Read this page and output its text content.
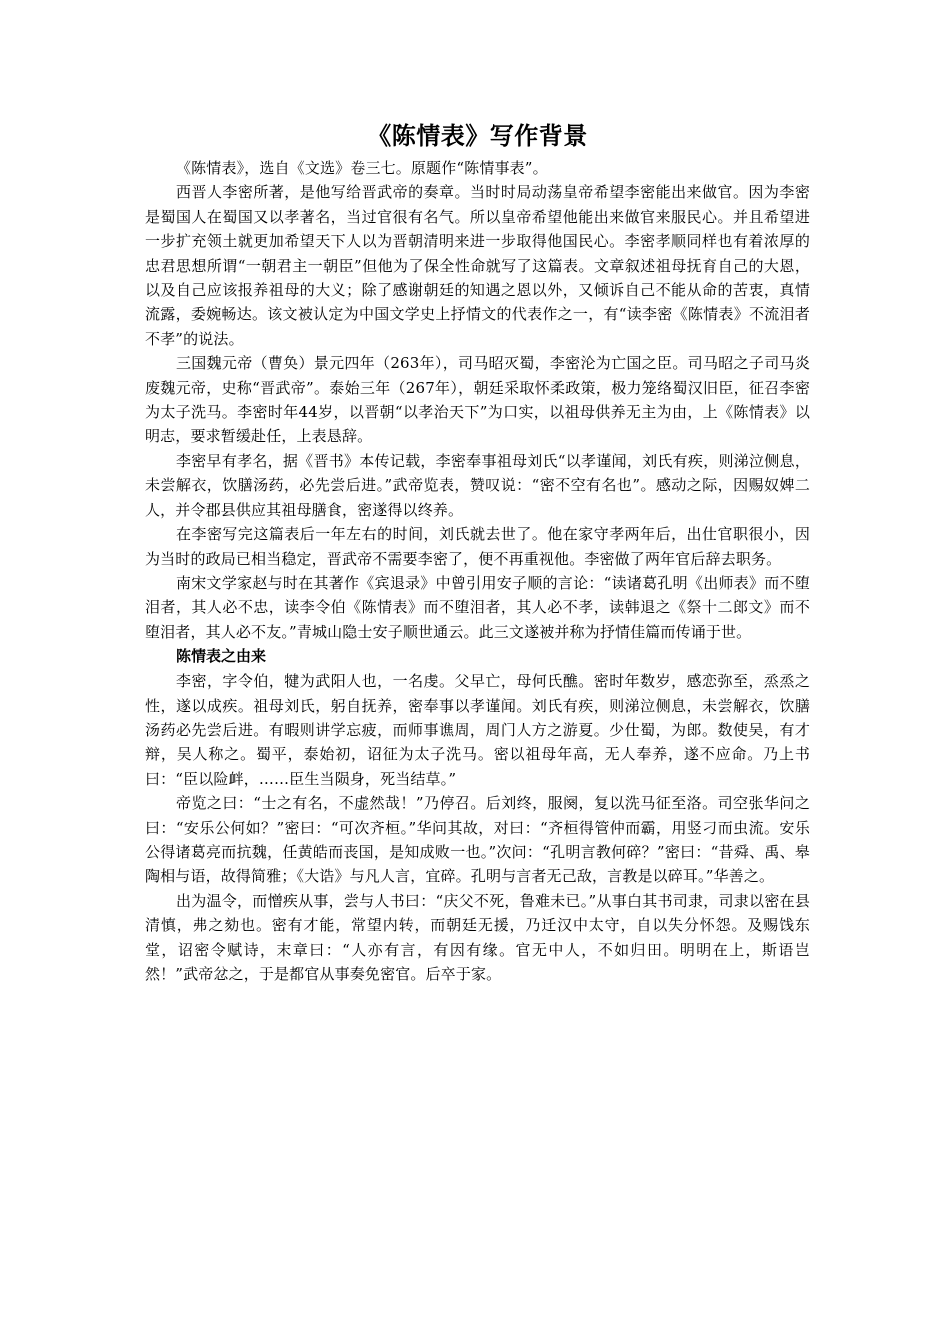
《陈情表》写作背景

《陈情表》，选自《文选》卷三七。原题作“陈情事表”。

西晋人李密所著，是他写给晋武帝的奏章。当时时局动荡皇帝希望李密能出来做官。因为李密是蜀国人在蜀国又以孝著名，当过官很有名气。所以皇帝希望他能出来做官来服民心。并且希望进一步扩充领土就更加希望天下人以为晋朝清明来进一步取得他国民心。李密孝顺同样也有着浓厚的忠君思想所谓“一朝君主一朝臣”但他为了保全性命就写了这篇表。文章叙述祖母抚育自己的大恩，以及自己应该报养祖母的大义；除了感谢朝廷的知遇之恩以外，又倾诉自己不能从命的苦衷，真情流露，委婉畅达。该文被认定为中国文学史上抒情文的代表作之一，有“读李密《陈情表》不流泪者不孝”的说法。

三国魏元帝（曹奂）景元四年（263年），司马昭灭蜀，李密沦为亡国之臣。司马昭之子司马炎废魏元帝，史称“晋武帝”。泰始三年（267年），朝廷采取怀柔政策，极力笼络蜀汉旧臣，征召李密为太子洗马。李密时年44岁，以晋朝“以孝治天下”为口实，以祖母供养无主为由，上《陈情表》以明志，要求暂缓赴任，上表恳辞。

李密早有孝名，据《晋书》本传记载，李密奉事祖母刘氏“以孝谨闻，刘氏有疾，则涕泣侧息，未尝解衣，饮膳汤药，必先尝后进。”武帝览表，赞叹说：“密不空有名也”。感动之际，因赐奴婢二人，并令郡县供应其祖母膳食，密遂得以终养。

在李密写完这篇表后一年左右的时间，刘氏就去世了。他在家守孝两年后，出仕官职很小，因为当时的政局已相当稳定，晋武帝不需要李密了，便不再重视他。李密做了两年官后辞去职务。

南宋文学家赵与时在其著作《宾退录》中曾引用安子顺的言论：“读诸葛孔明《出师表》而不堕泪者，其人必不忠，读李令伯《陈情表》而不堕泪者，其人必不孝，读韩退之《祭十二郎文》而不堕泪者，其人必不友。”青城山隐士安子顺世通云。此三文遂被并称为抒情佳篇而传诵于世。

陈情表之由来

李密，字令伯，犍为武阳人也，一名虔。父早亡，母何氏醮。密时年数岁，感恋弥至，烝烝之性，遂以成疾。祖母刘氏，躬自抚养，密奉事以孝谨闻。刘氏有疾，则涕泣侧息，未尝解衣，饮膳汤药必先尝后进。有暇则讲学忘疲，而师事谯周，周门人方之游夏。少仕蜀，为郎。数使吴，有才辩，吴人称之。蜀平，泰始初，诏征为太子洗马。密以祖母年高，无人奉养，遂不应命。乃上书曰：“臣以险衅，……臣生当陨身，死当结草。”

帝览之曰：“士之有名，不虚然哉！”乃停召。后刘终，服阕，复以洗马征至洛。司空张华问之曰：“安乐公何如？”密曰：“可次齐桓。”华问其故，对曰：“齐桓得管仲而霸，用竖刁而虫流。安乐公得诸葛亮而抗魏，任黄皓而丧国，是知成败一也。”次问：“孔明言教何碎？”密曰：“昔舜、禹、皋陶相与语，故得简雅；《大诰》与凡人言，宜碎。孔明与言者无己敌，言教是以碎耳。”华善之。

出为温令，而憎疾从事，尝与人书曰：“庆父不死，鲁难未已。”从事白其书司隶，司隶以密在县清慎，弗之劾也。密有才能，常望内转，而朝廷无援，乃迁汉中太守，自以失分怀怨。及赐饯东堂，诏密令赋诗，末章曰：“人亦有言，有因有缘。官无中人，不如归田。明明在上，斯语岂然！”武帝忿之，于是都官从事奏免密官。后卒于家。
